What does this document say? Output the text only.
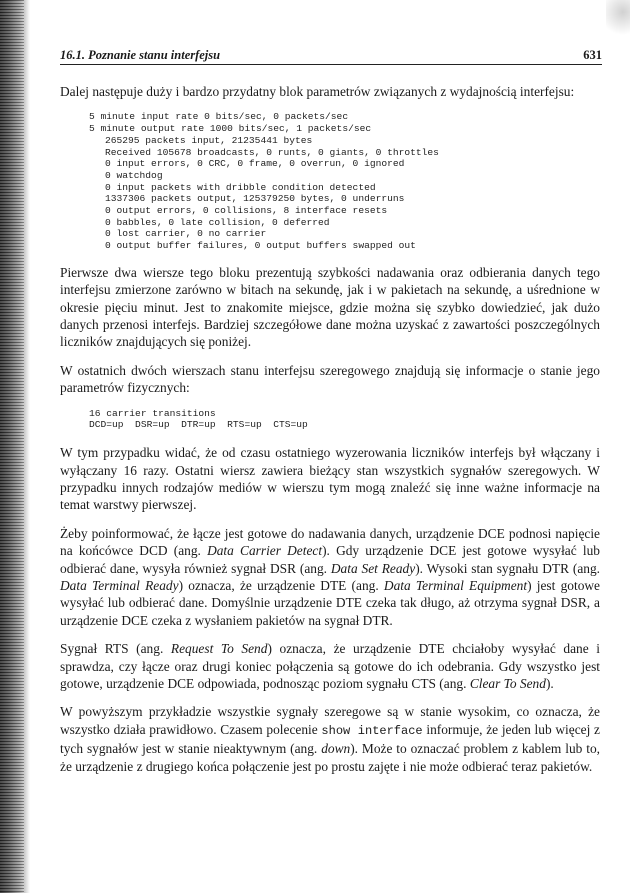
16.1. Poznanie stanu interfejsu	631

Dalej następuje duży i bardzo przydatny blok parametrów związanych z wydajnością interfejsu:

5 minute input rate 0 bits/sec, 0 packets/sec
5 minute output rate 1000 bits/sec, 1 packets/sec
265295 packets input, 21235441 bytes
Received 105678 broadcasts, 0 runts, 0 giants, 0 throttles
0 input errors, 0 CRC, 0 frame, 0 overrun, 0 ignored
0 watchdog
0 input packets with dribble condition detected
1337306 packets output, 125379250 bytes, 0 underruns
0 output errors, 0 collisions, 8 interface resets
0 babbles, 0 late collision, 0 deferred
0 lost carrier, 0 no carrier
0 output buffer failures, 0 output buffers swapped out

Pierwsze dwa wiersze tego bloku prezentują szybkości nadawania oraz odbierania danych tego interfejsu zmierzone zarówno w bitach na sekundę, jak i w pakietach na sekundę, a uśrednione w okresie pięciu minut. Jest to znakomite miejsce, gdzie można się szybko dowiedzieć, jak dużo danych przenosi interfejs. Bardziej szczegółowe dane można uzyskać z zawartości poszczególnych liczników znajdujących się poniżej.

W ostatnich dwóch wierszach stanu interfejsu szeregowego znajdują się informacje o stanie jego parametrów fizycznych:

16 carrier transitions
DCD=up  DSR=up  DTR=up  RTS=up  CTS=up

W tym przypadku widać, że od czasu ostatniego wyzerowania liczników interfejs był włączany i wyłączany 16 razy. Ostatni wiersz zawiera bieżący stan wszystkich sygnałów szeregowych. W przypadku innych rodzajów mediów w wierszu tym mogą znaleźć się inne ważne informacje na temat warstwy pierwszej.

Żeby poinformować, że łącze jest gotowe do nadawania danych, urządzenie DCE podnosi napięcie na końcówce DCD (ang. Data Carrier Detect). Gdy urządzenie DCE jest gotowe wysyłać lub odbierać dane, wysyła również sygnał DSR (ang. Data Set Ready). Wysoki stan sygnału DTR (ang. Data Terminal Ready) oznacza, że urządzenie DTE (ang. Data Terminal Equipment) jest gotowe wysyłać lub odbierać dane. Domyślnie urządzenie DTE czeka tak długo, aż otrzyma sygnał DSR, a urządzenie DCE czeka z wysłaniem pakietów na sygnał DTR.

Sygnał RTS (ang. Request To Send) oznacza, że urządzenie DTE chciałoby wysyłać dane i sprawdza, czy łącze oraz drugi koniec połączenia są gotowe do ich odebrania. Gdy wszystko jest gotowe, urządzenie DCE odpowiada, podnosząc poziom sygnału CTS (ang. Clear To Send).

W powyższym przykładzie wszystkie sygnały szeregowe są w stanie wysokim, co oznacza, że wszystko działa prawidłowo. Czasem polecenie show interface informuje, że jeden lub więcej z tych sygnałów jest w stanie nieaktywnym (ang. down). Może to oznaczać problem z kablem lub to, że urządzenie z drugiego końca połączenie jest po prostu zajęte i nie może odbierać teraz pakietów.
